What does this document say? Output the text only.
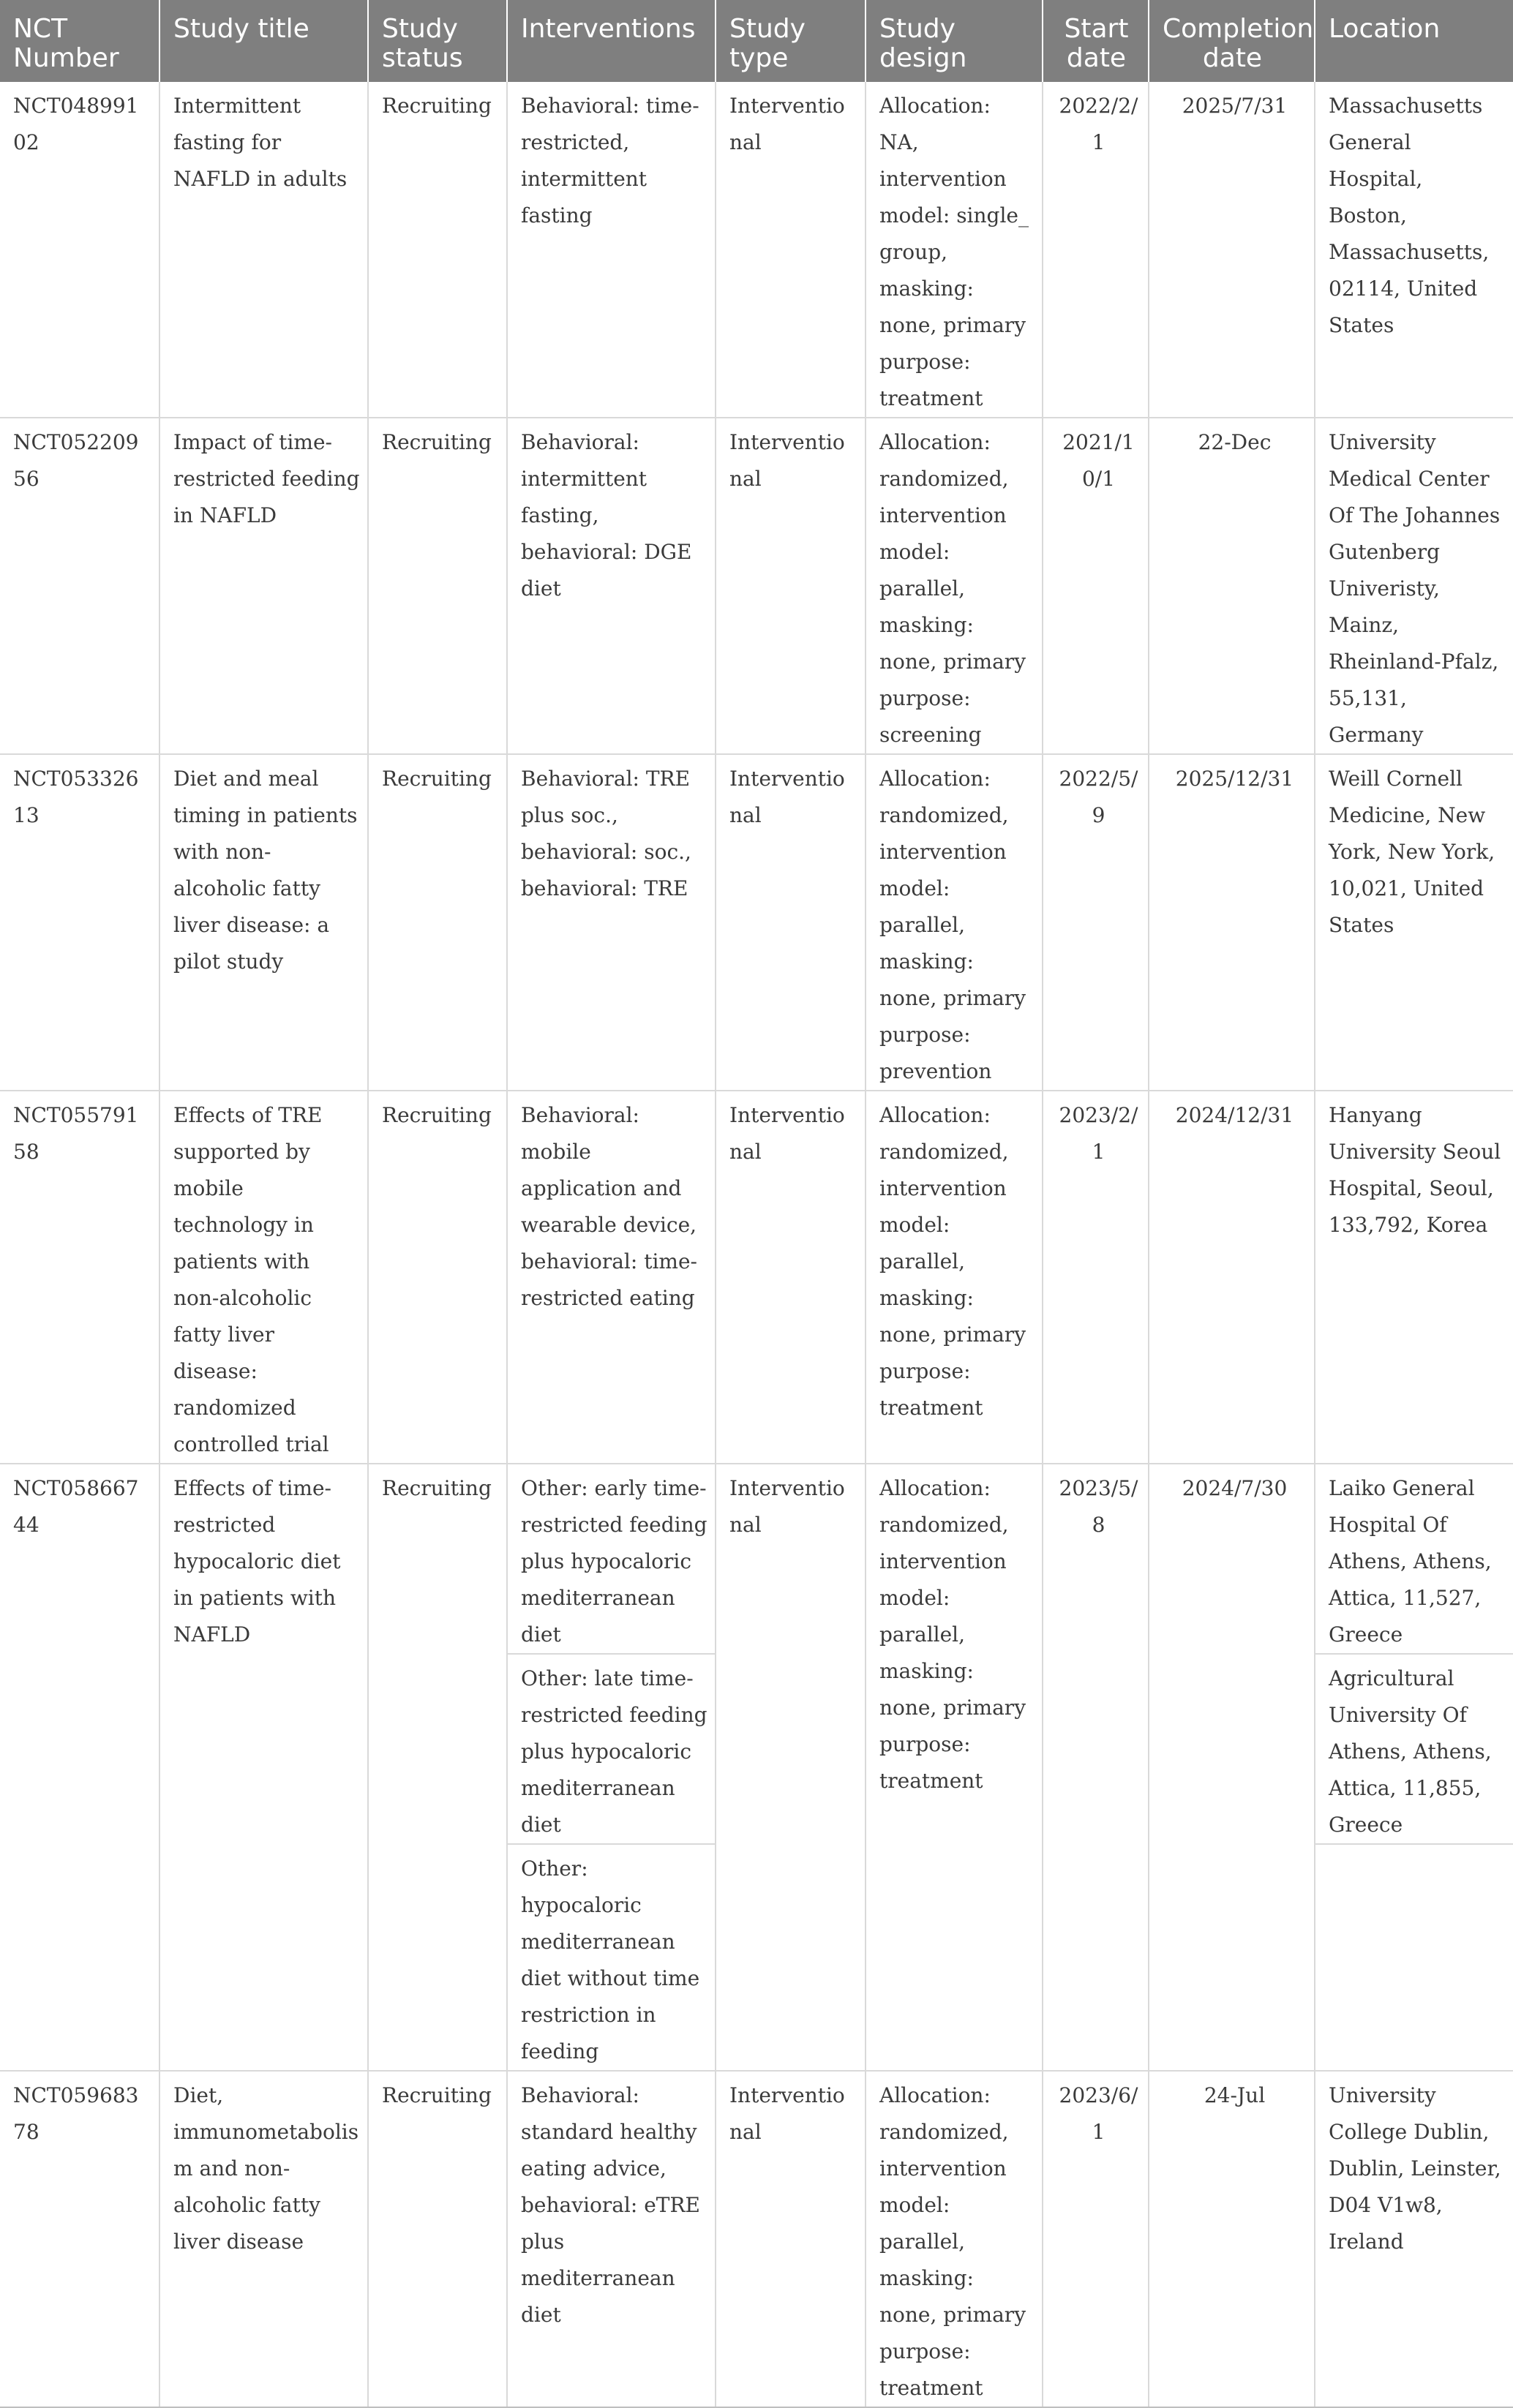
NCT Number	Study title	Study status	Interventions	Study type	Study design	Start date	Completion date	Location
NCT04899102	Intermittent fasting for NAFLD in adults	Recruiting	Behavioral: time-restricted, intermittent fasting	Interventional	Allocation: NA, intervention model: single_ group, masking: none, primary purpose: treatment	2022/2/1	2025/7/31	Massachusetts General Hospital, Boston, Massachusetts, 02114, United States
NCT05220956	Impact of time-restricted feeding in NAFLD	Recruiting	Behavioral: intermittent fasting, behavioral: DGE diet	Interventional	Allocation: randomized, intervention model: parallel, masking: none, primary purpose: screening	2021/10/1	22-Dec	University Medical Center Of The Johannes Gutenberg Univeristy, Mainz, Rheinland-Pfalz, 55,131, Germany
NCT05332613	Diet and meal timing in patients with non-alcoholic fatty liver disease: a pilot study	Recruiting	Behavioral: TRE plus soc., behavioral: soc., behavioral: TRE	Interventional	Allocation: randomized, intervention model: parallel, masking: none, primary purpose: prevention	2022/5/9	2025/12/31	Weill Cornell Medicine, New York, New York, 10,021, United States
NCT05579158	Effects of TRE supported by mobile technology in patients with non-alcoholic fatty liver disease: randomized controlled trial	Recruiting	Behavioral: mobile application and wearable device, behavioral: time-restricted eating	Interventional	Allocation: randomized, intervention model: parallel, masking: none, primary purpose: treatment	2023/2/1	2024/12/31	Hanyang University Seoul Hospital, Seoul, 133,792, Korea
NCT05866744	Effects of time-restricted hypocaloric diet in patients with NAFLD	Recruiting	Other: early time-restricted feeding plus hypocaloric mediterranean diet	Interventional	Allocation: randomized, intervention model: parallel, masking: none, primary purpose: treatment	2023/5/8	2024/7/30	Laiko General Hospital Of Athens, Athens, Attica, 11,527, Greece
			Other: late time-restricted feeding plus hypocaloric mediterranean diet					Agricultural University Of Athens, Athens, Attica, 11,855, Greece
			Other: hypocaloric mediterranean diet without time restriction in feeding					
NCT05968378	Diet, immunometabolism and non-alcoholic fatty liver disease	Recruiting	Behavioral: standard healthy eating advice, behavioral: eTRE plus mediterranean diet	Interventional	Allocation: randomized, intervention model: parallel, masking: none, primary purpose: treatment	2023/6/1	24-Jul	University College Dublin, Dublin, Leinster, D04 V1w8, Ireland
